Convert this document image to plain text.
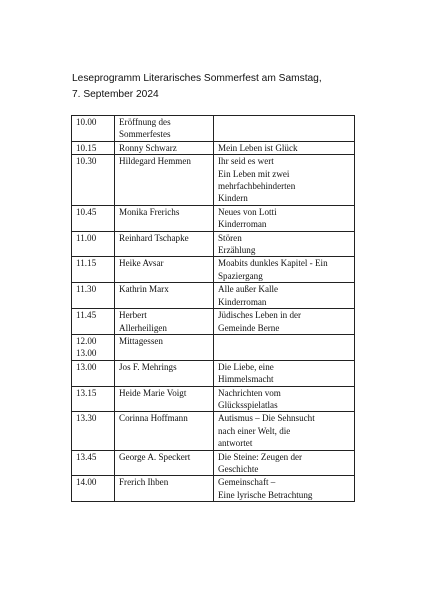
Leseprogramm Literarisches Sommerfest am Samstag,
7. September 2024
10.00	Eröffnung des
Sommerfestes	

10.15	Ronny Schwarz	Mein Leben ist Glück

10.30	Hildegard Hemmen	Ihr seid es wert
Ein Leben mit zwei
mehrfachbehinderten
Kindern

10.45	Monika Frerichs	Neues von Lotti
Kinderroman

11.00	Reinhard Tschapke	Stören
Erzählung

11.15	Heike Avsar	Moabits dunkles Kapitel - Ein
Spaziergang

11.30	Kathrin Marx	Alle außer Kalle
Kinderroman

11.45	Herbert
Allerheiligen	Jüdisches Leben in der
Gemeinde Berne

12.00
13.00	Mittagessen	

13.00	Jos F. Mehrings	Die Liebe, eine
Himmelsmacht

13.15	Heide Marie Voigt	Nachrichten vom
Glücksspielatlas

13.30	Corinna Hoffmann	Autismus – Die Sehnsucht
nach einer Welt, die
antwortet

13.45	George A. Speckert	Die Steine: Zeugen der
Geschichte

14.00	Frerich Ihben	Gemeinschaft –
Eine lyrische Betrachtung
